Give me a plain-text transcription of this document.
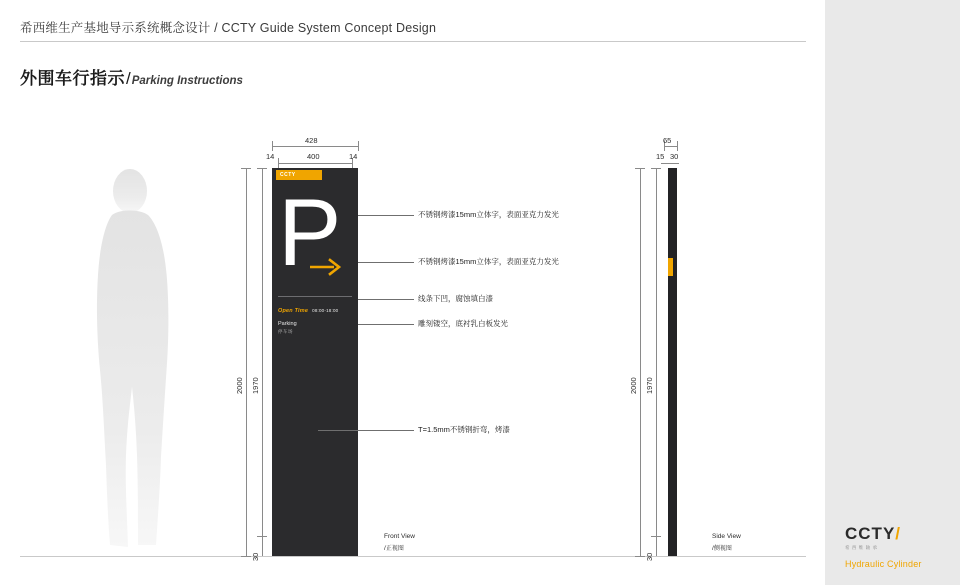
希西维生产基地导示系统概念设计 / CCTY Guide System Concept Design
外围车行指示 / Parking Instructions
CCTY
P
Open Time 08:00-18:00
Parking
停车场
428
400
14	14
2000 1970
30
不锈钢烤漆15mm立体字，表面亚克力发光
不锈钢烤漆15mm立体字，表面亚克力发光
线条下凹，腐蚀填白漆
雕刻镂空，底衬乳白板发光
T=1.5mm不锈钢折弯，烤漆
Front View
/正视图
65
15 30
2000 1970
30
Side View
/侧视图
CCTY/
希西维轴承
Hydraulic Cylinder
